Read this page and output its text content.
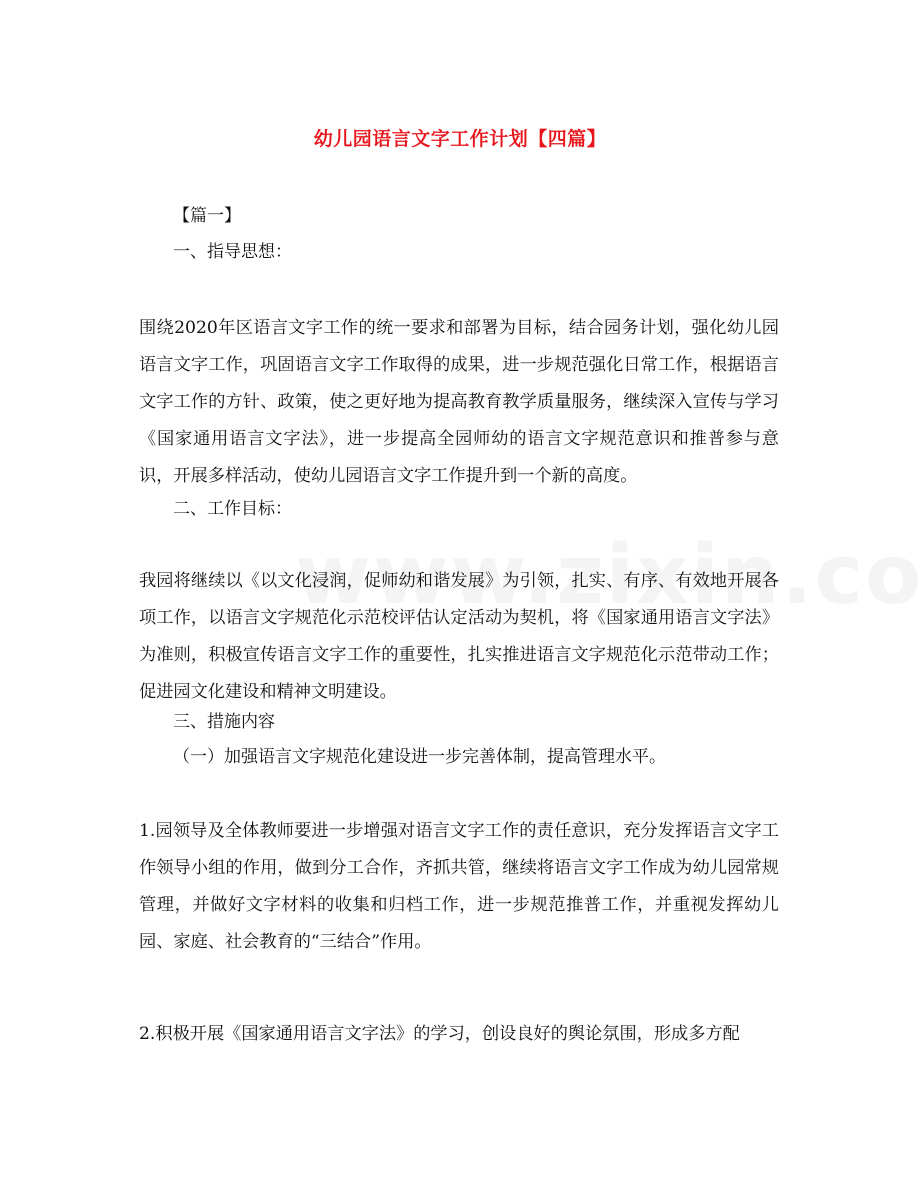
幼儿园语言文字工作计划【四篇】
【篇一】
一、指导思想：
围绕2020年区语言文字工作的统一要求和部署为目标，结合园务计划，强化幼儿园语言文字工作，巩固语言文字工作取得的成果，进一步规范强化日常工作，根据语言文字工作的方针、政策，使之更好地为提高教育教学质量服务，继续深入宣传与学习《国家通用语言文字法》，进一步提高全园师幼的语言文字规范意识和推普参与意识，开展多样活动，使幼儿园语言文字工作提升到一个新的高度。
二、工作目标：
我园将继续以《以文化浸润，促师幼和谐发展》为引领，扎实、有序、有效地开展各项工作，以语言文字规范化示范校评估认定活动为契机，将《国家通用语言文字法》为准则，积极宣传语言文字工作的重要性，扎实推进语言文字规范化示范带动工作；促进园文化建设和精神文明建设。
三、措施内容
（一）加强语言文字规范化建设进一步完善体制，提高管理水平。
1.园领导及全体教师要进一步增强对语言文字工作的责任意识，充分发挥语言文字工作领导小组的作用，做到分工合作，齐抓共管，继续将语言文字工作成为幼儿园常规管理，并做好文字材料的收集和归档工作，进一步规范推普工作，并重视发挥幼儿园、家庭、社会教育的“三结合”作用。
2.积极开展《国家通用语言文字法》的学习，创设良好的舆论氛围，形成多方配
